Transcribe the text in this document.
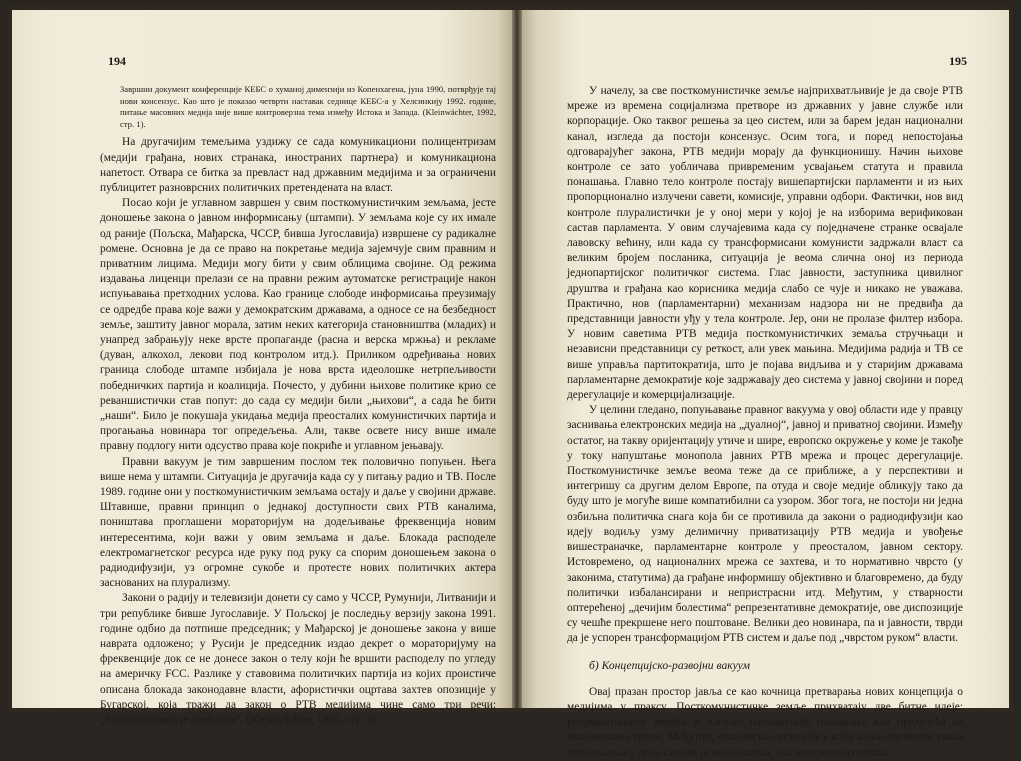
194

Завршни документ конференције КЕБС о хуманој димензији из Копенхагена, јуна 1990, потврђује тај нови консензус. Као што је показао четврти наставак седнице КЕБС-а у Хелсинкију 1992. године, питање масовних медија није више контроверзна тема између Истока и Запада. (Kleinwächter, 1992, стр. 1).

На другачијим темељима уздижу се сада комуникациони полицентризам (медији грађана, нових странака, иностраних партнера) и комуникациона напетост. Отвара се битка за превласт над државним медијима и за ограничени публицитет разноврсних политичких претендената на власт.

Посао који је углавном завршен у свим посткомунистичким земљама, јесте доношење закона о јавном информисању (штампи). У земљама које су их имале од раније (Пољска, Мађарска, ЧССР, бивша Југославија) извршене су радикалне ромене. Основна је да се право на покретање медија зајемчује свим правним и приватним лицима. Медији могу бити у свим облицима својине. Од режима издавања лиценци прелази се на правни режим аутоматске регистрације након испуњавања претходних услова. Као границе слободе информисања преузимају се одредбе права које важи у демократским државама, а односе се на безбедност земље, заштиту јавног морала, затим неких категорија становништва (младих) и унапред забрањују неке врсте пропаганде (расна и верска мржња) и рекламе (дуван, алкохол, лекови под контролом итд.). Приликом одређивања нових граница слободе штампе избијала је нова врста идеолошке нетрпељивости победничких партија и коалиција. Почесто, у дубини њихове политике крио се реваншистички став попут: до сада су медији били „њихови“, а сада ће бити „наши“. Било је покушаја укидања медија преосталих комунистичких партија и прогањања новинара тог опредељења. Али, такве освете нису више имале правну подлогу нити одсуство права које покриће и углавном јењавају.

Правни вакуум је тим завршеним послом тек половично попуњен. Њега више нема у штампи. Ситуација је другачија када су у питању радио и ТВ. После 1989. године они у посткомунистичким земљама остају и даље у својини државе. Штавише, правни принцип о једнакој доступности свих РТВ каналима, поништава проглашени мораторијум на додељивање фреквенција новим интересентима, који важи у овим земљама и даље. Блокада расподеле електромагнетског ресурса иде руку под руку са спорим доношењем закона о радиодифузији, уз огромне сукобе и протесте нових политичких актера заснованих на плурализму.

Закони о радију и телевизији донети су само у ЧССР, Румунији, Литванији и три републике бивше Југославије. У Пољској је последњу верзију закона 1991. године одбио да потпише председник; у Мађарској је доношење закона у више наврата одложено; у Русији је председник издао декрет о мораторијуму на фреквенције док се не донесе закон о телу који ће вршити расподелу по угледу на америчку FCC. Разлике у ставовима политичких партија из којих проистиче описана блокада законодавне власти, афористички оцртава захтев опозиције у Бугарској, која тражи да закон о РТВ медијима чине само три речи: „Радиодифузија је слободна“. (Kleinwächter, 1992, стр. 3).

195

У начелу, за све посткомунистичке земље најприхватљивије је да своје РТВ мреже из времена социјализма претворе из државних у јавне службе или корпорације. Око таквог решења за цео систем, или за барем један национални канал, изгледа да постоји консензус. Осим тога, и поред непостојања одговарајућег закона, РТВ медији морају да функционишу. Начин њихове контроле се зато уобличава привременим усвајањем статута и правила понашања. Главно тело контроле постају вишепартијски парламенти и из њих пропорционално излучени савети, комисије, управни одбори. Фактички, нов вид контроле плуралистички је у оној мери у којој је на изборима верификован састав парламента. У овим случајевима када су поједначене странке освајале лавовску већину, или када су трансформисани комунисти задржали власт са великим бројем посланика, ситуација је веома слична оној из периода једнопартијског политичког система. Глас јавности, заступника цивилног друштва и грађана као корисника медија слабо се чује и никако не уважава. Практично, нов (парламентарни) механизам надзора ни не предвиђа да представници јавности уђу у тела контроле. Јер, они не пролазе филтер избора. У новим саветима РТВ медија посткомунистичких земаља стручњаци и независни представници су реткост, али увек мањина. Медијима радија и ТВ се више управља партитократија, што је појава видљива и у старијим државама парламентарне демократије које задржавају део система у јавној својини и поред дерегулације и комерцијализације.

У целини гледано, попуњавање правног вакуума у овој области иде у правцу заснивања електронских медија на „дуалној“, јавној и приватној својини. Између остатог, на такву оријентацију утиче и шире, европско окружење у коме је такође у току напуштање монопола јавних РТВ мрежа и процес дерегулације. Посткомунистичке земље веома теже да се приближе, а у перспективи и интегришу са другим делом Европе, па отуда и своје медије обликују тако да буду што је могуће више компатибилни са узором. Због тога, не постоји ни једна озбиљна политичка снага која би се противила да закони о радиодифузији као идеју водиљу узму делимичну приватизацију РТВ медија и увођење вишестраначке, парламентарне контроле у преосталом, јавном сектору. Истовремено, од националних мрежа се захтева, и то нормативно чврсто (у законима, статутима) да грађане информишу објективно и благовремено, да буду политички избалансирани и непристрасни итд. Међутим, у стварности оптерећеној „дечијим болестима“ репрезентативне демократије, ове диспозиције су чешће прекршене него поштоване. Велики део новинара, па и јавности, тврди да је успорен трансформацијом РТВ систем и даље под „чврстом руком“ власти.

б) Концепцијско-развојни вакуум

Овај празан простор јавља се као кочница претварања нових концепција о медијима у праксу. Посткомунистичке земље прихватају две битне идеје: реприватизацију медија и њихово наглашеније понашање као предузећа са економском сврхом. Међутим, економска ситуација у којој ваља спровести таква опредељења у дело сасвим је неадекватна, чак контрапродуктивна.
